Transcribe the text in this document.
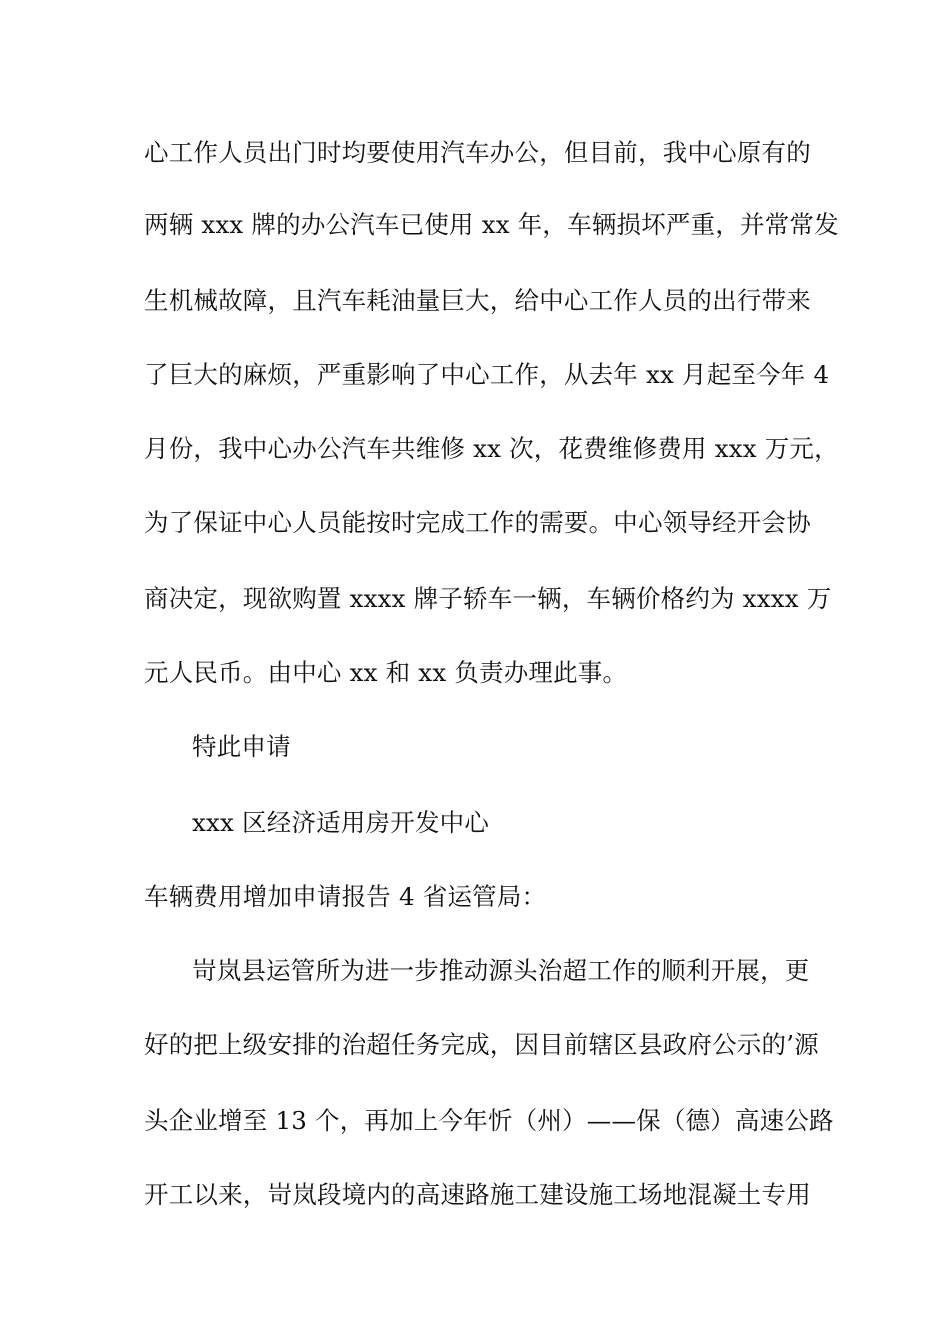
心工作人员出门时均要使用汽车办公，但目前，我中心原有的
两辆 xxx 牌的办公汽车已使用 xx 年，车辆损坏严重，并常常发
生机械故障，且汽车耗油量巨大，给中心工作人员的出行带来
了巨大的麻烦，严重影响了中心工作，从去年 xx 月起至今年 4
月份，我中心办公汽车共维修 xx 次，花费维修费用 xxx 万元，
为了保证中心人员能按时完成工作的需要。中心领导经开会协
商决定，现欲购置 xxxx 牌子轿车一辆，车辆价格约为 xxxx 万
元人民币。由中心 xx 和 xx 负责办理此事。
特此申请
xxx 区经济适用房开发中心
车辆费用增加申请报告 4 省运管局：
岢岚县运管所为进一步推动源头治超工作的顺利开展，更
好的把上级安排的治超任务完成，因目前辖区县政府公示的’源
头企业增至 13 个，再加上今年忻（州）——保（德）高速公路
开工以来，岢岚段境内的高速路施工建设施工场地混凝土专用
